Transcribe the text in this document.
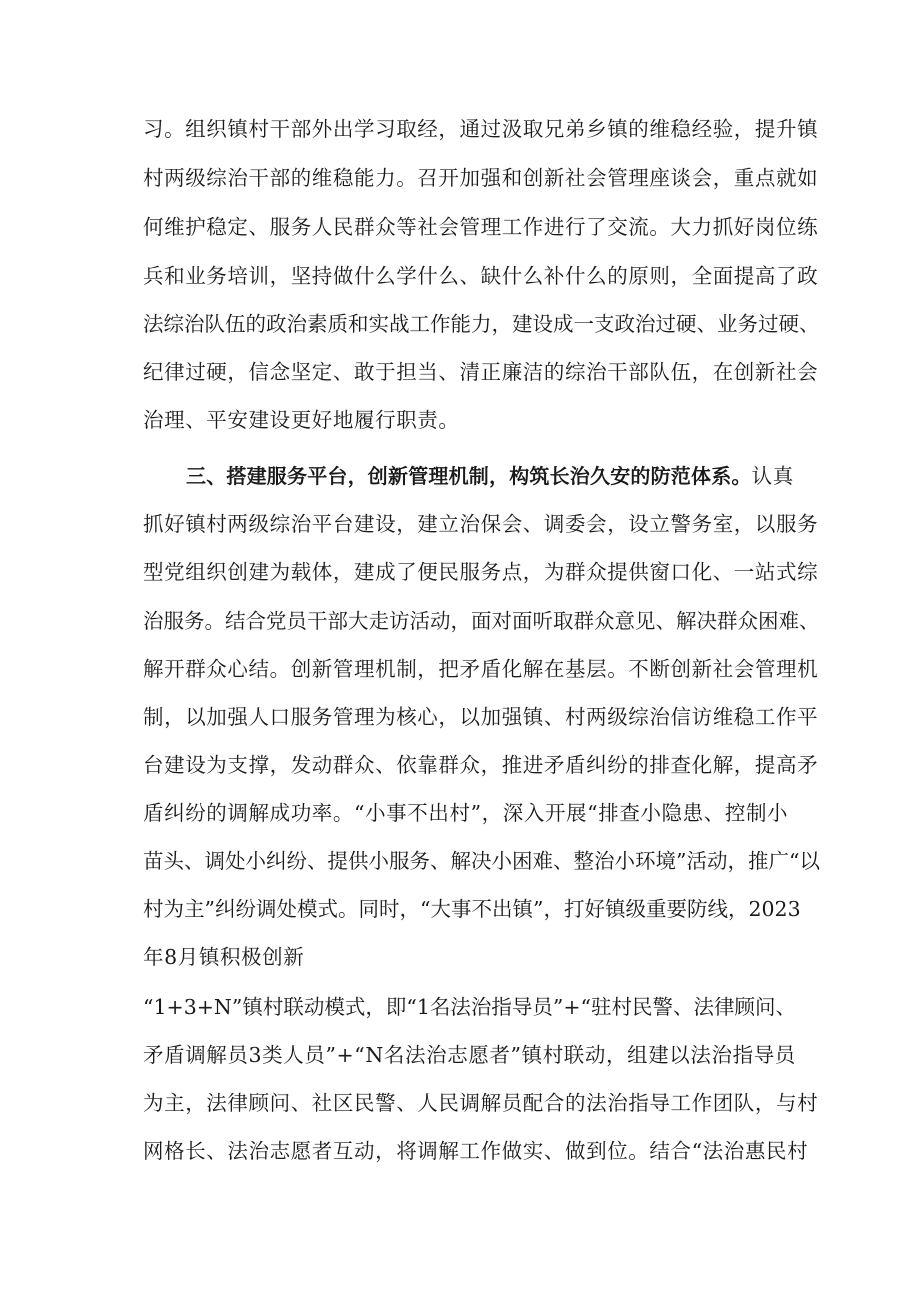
习。组织镇村干部外出学习取经，通过汲取兄弟乡镇的维稳经验，提升镇
村两级综治干部的维稳能力。召开加强和创新社会管理座谈会，重点就如
何维护稳定、服务人民群众等社会管理工作进行了交流。大力抓好岗位练
兵和业务培训，坚持做什么学什么、缺什么补什么的原则，全面提高了政
法综治队伍的政治素质和实战工作能力，建设成一支政治过硬、业务过硬、
纪律过硬，信念坚定、敢于担当、清正廉洁的综治干部队伍，在创新社会
治理、平安建设更好地履行职责。
三、搭建服务平台，创新管理机制，构筑长治久安的防范体系。认真
抓好镇村两级综治平台建设，建立治保会、调委会，设立警务室，以服务
型党组织创建为载体，建成了便民服务点，为群众提供窗口化、一站式综
治服务。结合党员干部大走访活动，面对面听取群众意见、解决群众困难、
解开群众心结。创新管理机制，把矛盾化解在基层。不断创新社会管理机
制，以加强人口服务管理为核心，以加强镇、村两级综治信访维稳工作平
台建设为支撑，发动群众、依靠群众，推进矛盾纠纷的排查化解，提高矛
盾纠纷的调解成功率。“小事不出村”，深入开展“排查小隐患、控制小
苗头、调处小纠纷、提供小服务、解决小困难、整治小环境”活动，推广“以
村为主”纠纷调处模式。同时，“大事不出镇”，打好镇级重要防线，2023
年8月镇积极创新
“1+3+N”镇村联动模式，即“1名法治指导员”+“驻村民警、法律顾问、
矛盾调解员3类人员”+“N名法治志愿者”镇村联动，组建以法治指导员
为主，法律顾问、社区民警、人民调解员配合的法治指导工作团队，与村
网格长、法治志愿者互动，将调解工作做实、做到位。结合“法治惠民村
